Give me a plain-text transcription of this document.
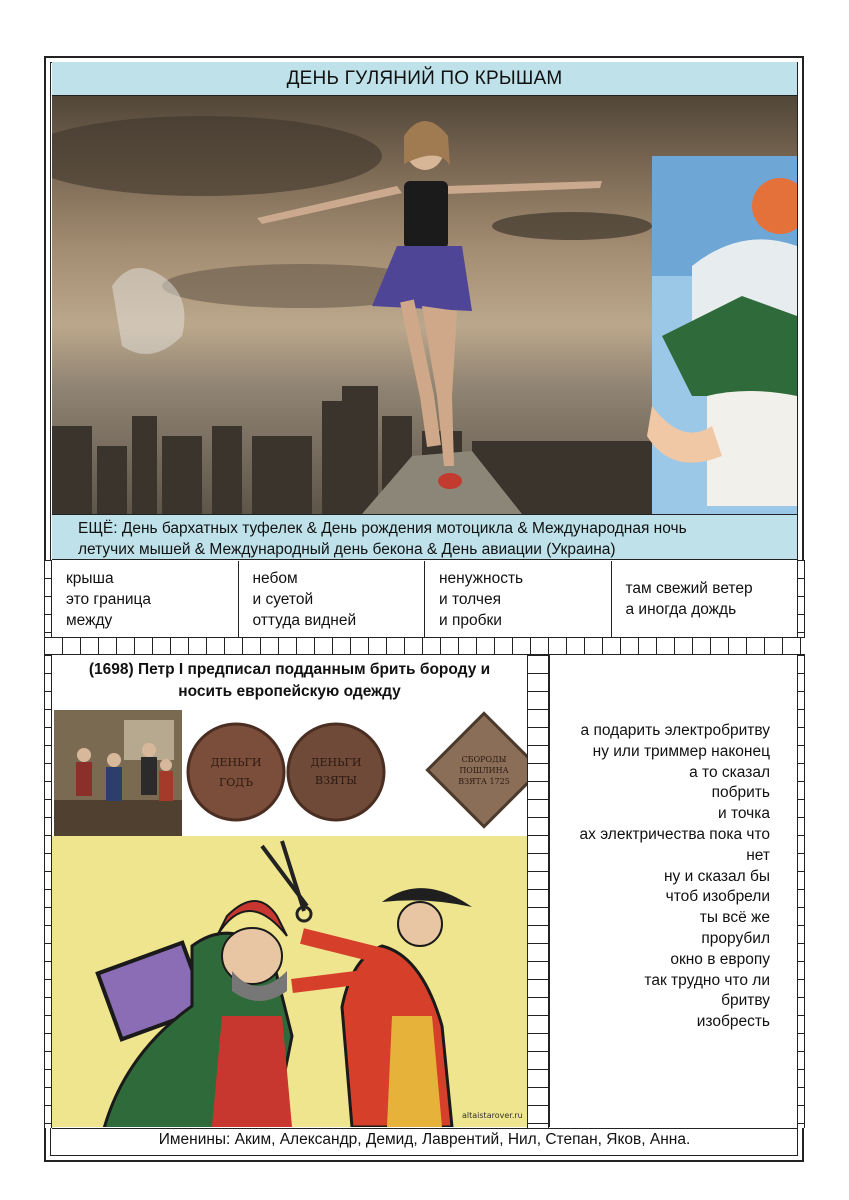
ДЕНЬ ГУЛЯНИЙ ПО КРЫШАМ
ЕЩЁ: День бархатных туфелек & День рождения мотоцикла & Международная ночь
летучих мышей & Международный день бекона & День авиации (Украина)
крыша
это граница
между
небом
и суетой
оттуда видней
ненужность
и толчея
и пробки
там свежий ветер
а иногда дождь
(1698) Петр I предписал подданным брить бороду и
носить европейскую одежду
ДЕНЬГИ
ГОДЪ
ДЕНЬГИ
ВЗЯТЫ
СБОРОДЫ
ПОШЛИНА
ВЗЯТА 1725
altaistarover.ru
а подарить электробритву
ну или триммер наконец
а то сказал
побрить
и точка
ах электричества пока что
нет
ну и сказал бы
чтоб изобрели
ты всё же
прорубил
окно в европу
так трудно что ли
бритву
изобресть
Именины: Аким, Александр, Демид, Лаврентий, Нил, Степан, Яков, Анна.
